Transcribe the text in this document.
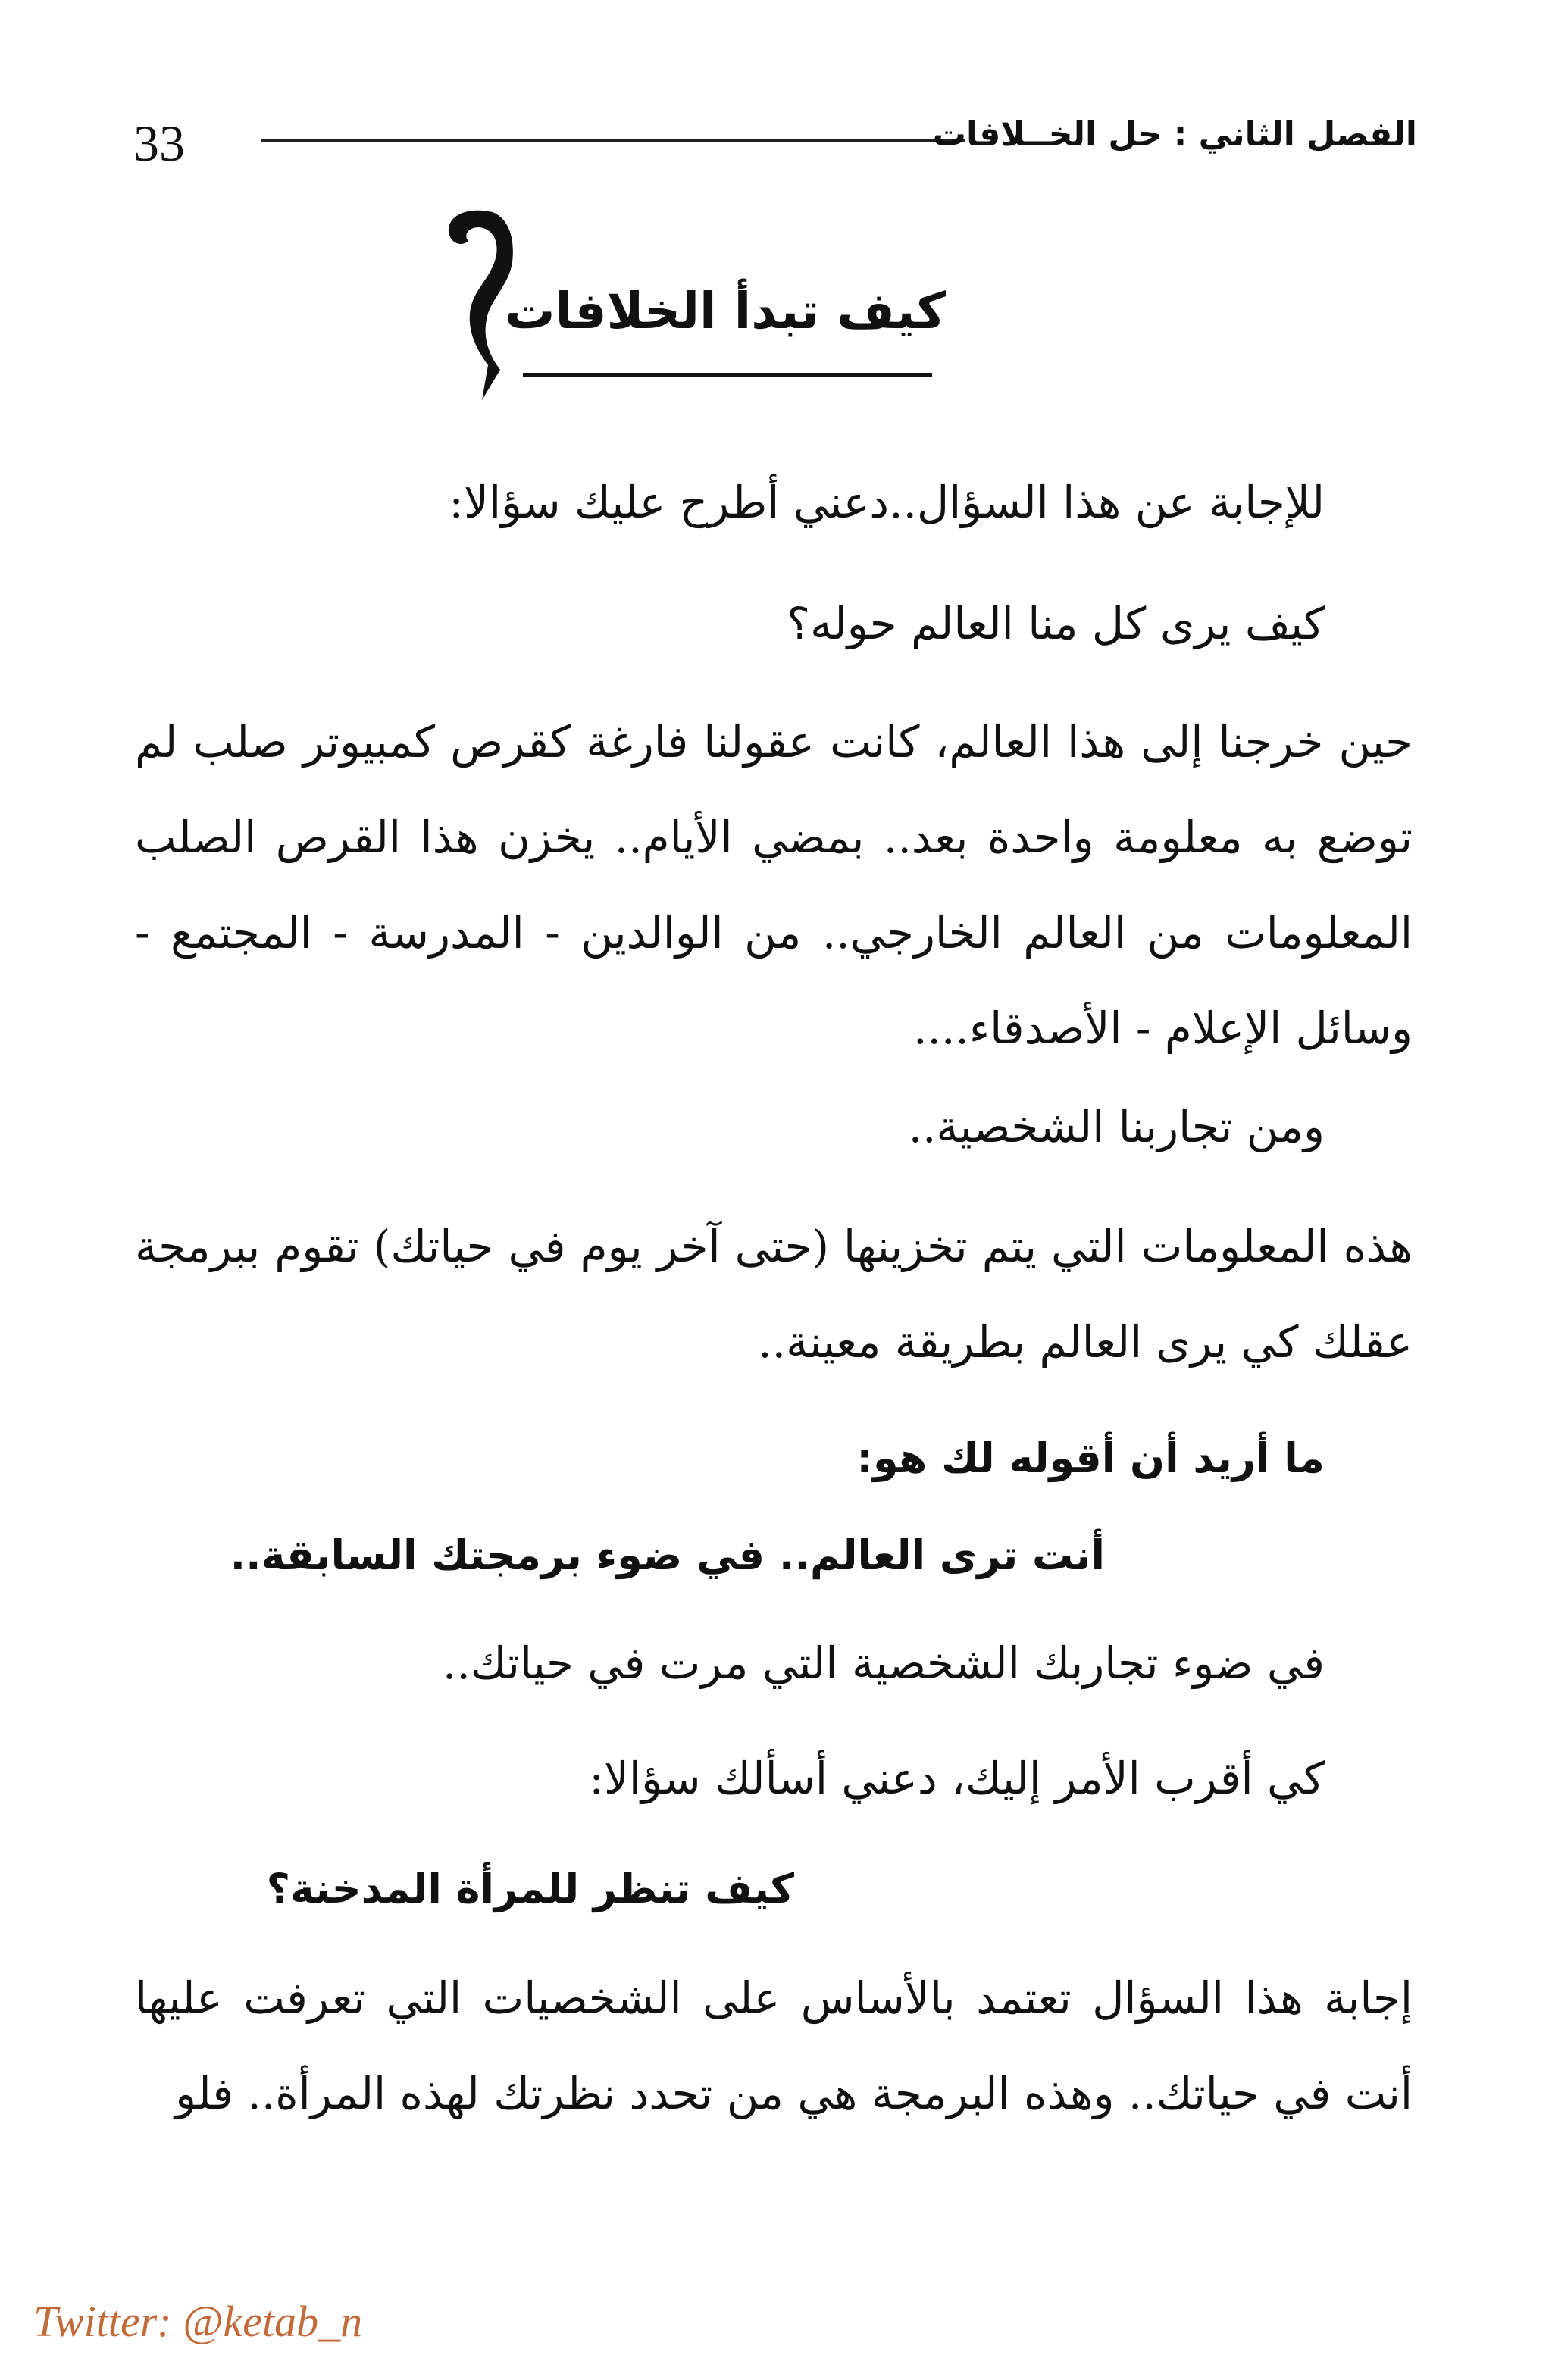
33	الفصل الثاني : حل الخــلافات
كيف تبدأ الخلافات

للإجابة عن هذا السؤال..دعني أطرح عليك سؤالا:

كيف يرى كل منا العالم حوله؟

حين خرجنا إلى هذا العالم، كانت عقولنا فارغة كقرص كمبيوتر صلب لم توضع به معلومة واحدة بعد.. بمضي الأيام.. يخزن هذا القرص الصلب المعلومات من العالم الخارجي.. من الوالدين - المدرسة - المجتمع - وسائل الإعلام - الأصدقاء....

ومن تجاربنا الشخصية..

هذه المعلومات التي يتم تخزينها (حتى آخر يوم في حياتك) تقوم ببرمجة عقلك كي يرى العالم بطريقة معينة..

ما أريد أن أقوله لك هو:

أنت ترى العالم.. في ضوء برمجتك السابقة..

في ضوء تجاربك الشخصية التي مرت في حياتك..

كي أقرب الأمر إليك، دعني أسألك سؤالا:

كيف تنظر للمرأة المدخنة؟

إجابة هذا السؤال تعتمد بالأساس على الشخصيات التي تعرفت عليها أنت في حياتك.. وهذه البرمجة هي من تحدد نظرتك لهذه المرأة.. فلو

Twitter: @ketab_n
